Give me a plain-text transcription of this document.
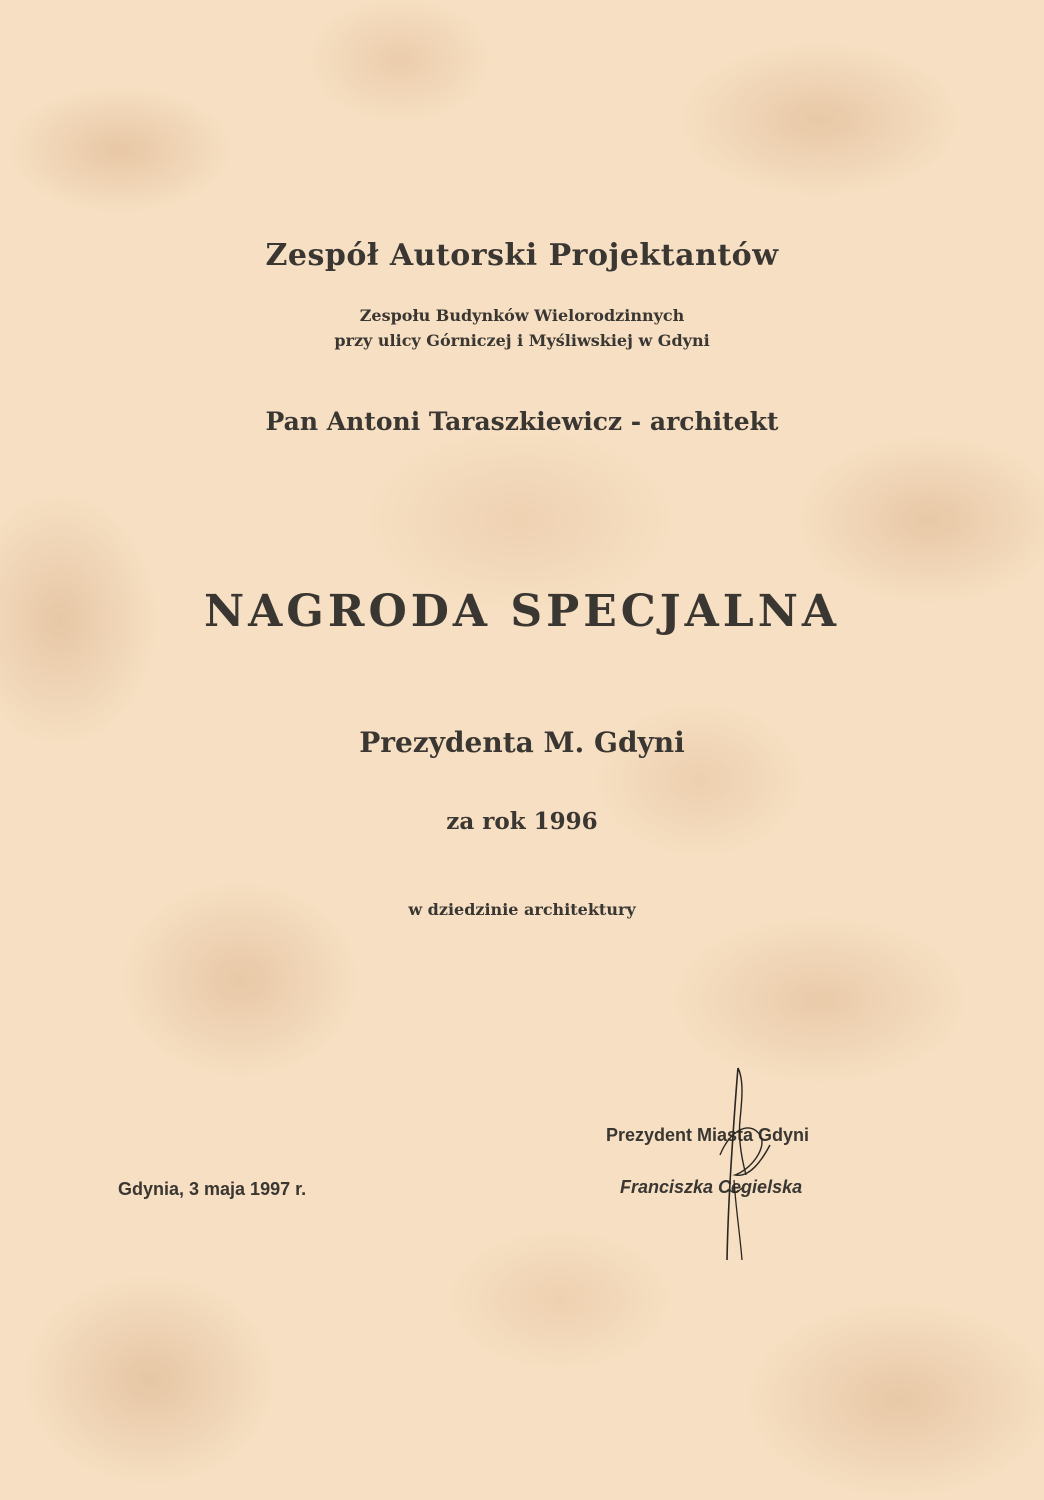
Zespół Autorski Projektantów
Zespołu Budynków Wielorodzinnych
przy ulicy Górniczej i Myśliwskiej w Gdyni
Pan Antoni Taraszkiewicz - architekt
NAGRODA SPECJALNA
Prezydenta M. Gdyni
za rok 1996
w dziedzinie architektury
Gdynia, 3 maja 1997 r.
Prezydent Miasta Gdyni
Franciszka Cegielska
